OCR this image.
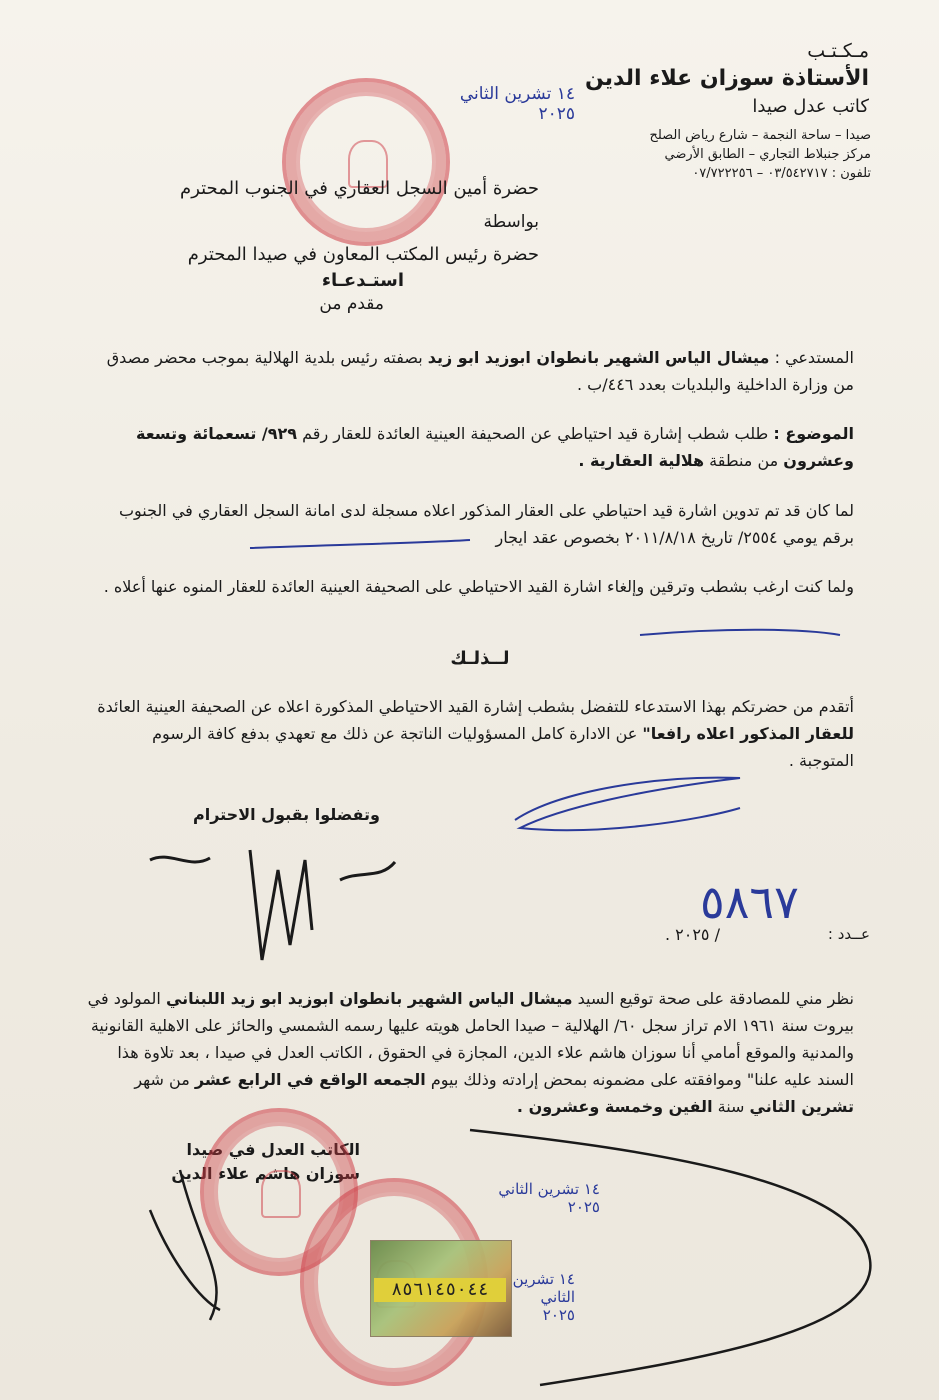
مـكـتـب
الأستاذة سوزان علاء الدين
كاتب عدل صيدا
صيدا – ساحة النجمة – شارع رياض الصلح
مركز جنبلاط التجاري – الطابق الأرضي
تلفون : ٠٣/٥٤٢٧١٧ – ٠٧/٧٢٢٢٥٦
١٤ تشرين الثاني ٢٠٢٥
حضرة أمين السجل العقاري في الجنوب المحترم
بواسطة
حضرة رئيس المكتب المعاون في صيدا المحترم
استـدعـاء
مقدم من
المستدعي : ميشال الياس الشهير بانطوان ابوزيد ابو زيد بصفته رئيس بلدية الهلالية بموجب محضر مصدق من وزارة الداخلية والبلديات بعدد ٤٤٦/ب .
الموضوع : طلب شطب إشارة قيد احتياطي عن الصحيفة العينية العائدة للعقار رقم ٩٢٩/ تسعمائة وتسعة وعشرون من منطقة هلالية العقارية .
لما كان قد تم تدوين اشارة قيد احتياطي على العقار المذكور اعلاه مسجلة لدى امانة السجل العقاري في الجنوب برقم يومي ٢٥٥٤/ تاريخ ٢٠١١/٨/١٨ بخصوص عقد ايجار
ولما كنت ارغب بشطب وترقين وإلغاء اشارة القيد الاحتياطي على الصحيفة العينية العائدة للعقار المنوه عنها أعلاه .
لــذلـك
أتقدم من حضرتكم بهذا الاستدعاء للتفضل بشطب إشارة القيد الاحتياطي المذكورة اعلاه عن الصحيفة العينية العائدة للعقار المذكور اعلاه رافعا" عن الادارة كامل المسؤوليات الناتجة عن ذلك مع تعهدي بدفع كافة الرسوم المتوجبة .
وتفضلوا بقبول الاحترام
عــدد :
٥٨٦٧
/ ٢٠٢٥ .
نظر مني للمصادقة على صحة توقيع السيد ميشال الياس الشهير بانطوان ابوزيد ابو زيد اللبناني المولود في بيروت سنة ١٩٦١ الام تراز سجل ٦٠/ الهلالية – صيدا الحامل هويته عليها رسمه الشمسي والحائز على الاهلية القانونية والمدنية والموقع أمامي أنا سوزان هاشم علاء الدين، المجازة في الحقوق ، الكاتب العدل في صيدا ، بعد تلاوة هذا السند عليه علنا" وموافقته على مضمونه بمحض إرادته وذلك بيوم الجمعه الواقع في الرابع عشر من شهر تشرين الثاني سنة الفين وخمسة وعشرون .
الكاتب العدل في صيدا
سوزان هاشم علاء الدين
١٤ تشرين الثاني ٢٠٢٥
١٤ تشرين الثاني ٢٠٢٥
٨٥٦١٤٥٠٤٤
